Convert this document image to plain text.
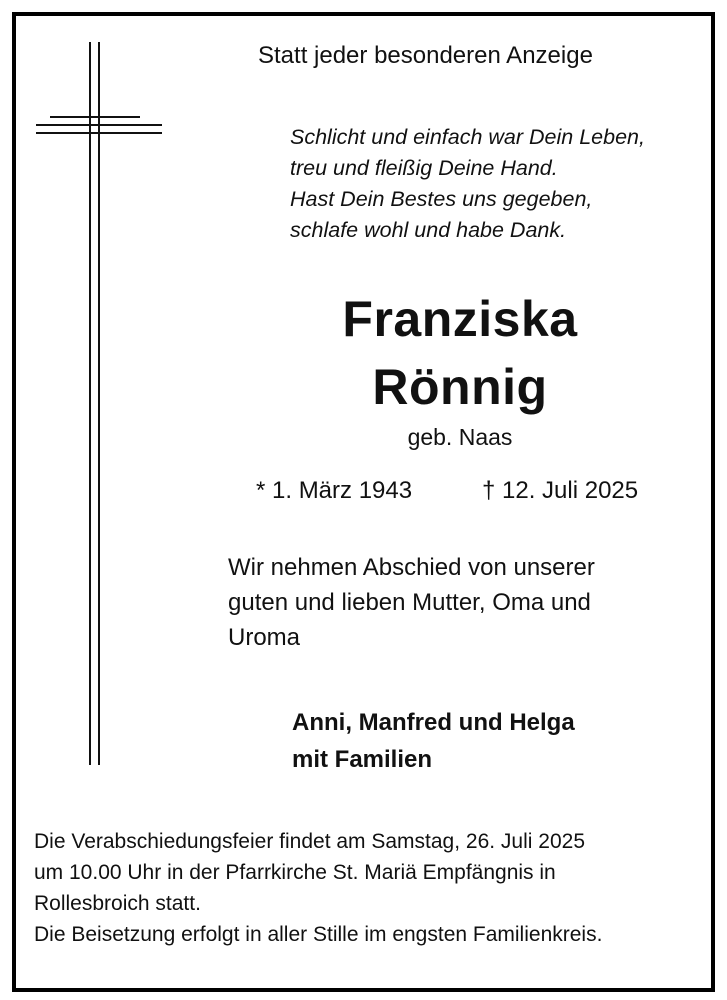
Statt jeder besonderen Anzeige
Schlicht und einfach war Dein Leben,
treu und fleißig Deine Hand.
Hast Dein Bestes uns gegeben,
schlafe wohl und habe Dank.
Franziska
Rönnig
geb. Naas
* 1. März 1943	† 12. Juli 2025
Wir nehmen Abschied von unserer
guten und lieben Mutter, Oma und
Uroma
Anni, Manfred und Helga
mit Familien
Die Verabschiedungsfeier findet am Samstag, 26. Juli 2025
um 10.00 Uhr in der Pfarrkirche St. Mariä Empfängnis in
Rollesbroich statt.
Die Beisetzung erfolgt in aller Stille im engsten Familienkreis.
